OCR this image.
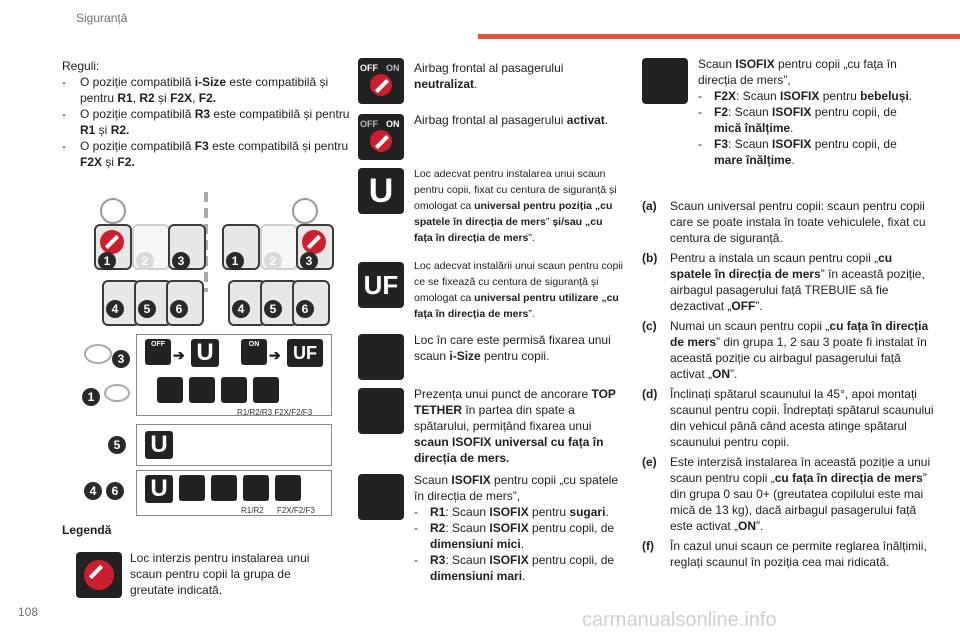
Siguranță
108	carmanualsonline.info
Reguli:
- O poziție compatibilă i-Size este compatibilă și pentru R1, R2 și F2X, F2.
- O poziție compatibilă R3 este compatibilă și pentru R1 și R2.
- O poziție compatibilă F3 este compatibilă și pentru F2X și F2.
1	2	3	1	2	3
4	5	6	4	5	6
3
1
5
4	6
OFF
➔ U	ON
➔ UF
R1/R2/R3 F2X/F2/F3
U
U
R1/R2 F2X/F2/F3
Legendă
Loc interzis pentru instalarea unui scaun pentru copii la grupa de greutate indicată.
OFF ON Airbag frontal al pasagerului neutralizat.
OFF ON Airbag frontal al pasagerului activat.
U	Loc adecvat pentru instalarea unui scaun pentru copii, fixat cu centura de siguranță și omologat ca universal pentru poziția „cu spatele în direcția de mers” și/sau „cu fața în direcția de mers”.
UF
Loc adecvat instalării unui scaun pentru copii ce se fixează cu centura de siguranță și omologat ca universal pentru utilizare „cu fața în direcția de mers”.
Loc în care este permisă fixarea unui scaun i-Size pentru copii.
Prezența unui punct de ancorare TOP TETHER în partea din spate a spătarului, permițând fixarea unui scaun ISOFIX universal cu fața în direcția de mers.
Scaun ISOFIX pentru copii „cu spatele în direcția de mers”,
- R1: Scaun ISOFIX pentru sugari.
- R2: Scaun ISOFIX pentru copii, de dimensiuni mici.
- R3: Scaun ISOFIX pentru copii, de dimensiuni mari.
Scaun ISOFIX pentru copii „cu fața în direcția de mers”,
- F2X: Scaun ISOFIX pentru bebeluși.
- F2: Scaun ISOFIX pentru copii, de mică înălțime.
- F3: Scaun ISOFIX pentru copii, de mare înălțime.
(a) Scaun universal pentru copii: scaun pentru copii care se poate instala în toate vehiculele, fixat cu centura de siguranță.
(b) Pentru a instala un scaun pentru copii „cu spatele în direcția de mers” în această poziție, airbagul pasagerului față TREBUIE să fie dezactivat „OFF”.
(c) Numai un scaun pentru copii „cu fața în direcția de mers” din grupa 1, 2 sau 3 poate fi instalat în această poziție cu airbagul pasagerului față activat „ON”.
(d) Înclinați spătarul scaunului la 45°, apoi montați scaunul pentru copii. Îndreptați spătarul scaunului din vehicul până când acesta atinge spătarul scaunului pentru copii.
(e) Este interzisă instalarea în această poziție a unui scaun pentru copii „cu fața în direcția de mers” din grupa 0 sau 0+ (greutatea copilului este mai mică de 13 kg), dacă airbagul pasagerului față este activat „ON”.
(f) În cazul unui scaun ce permite reglarea înălțimii, reglați scaunul în poziția cea mai ridicată.
